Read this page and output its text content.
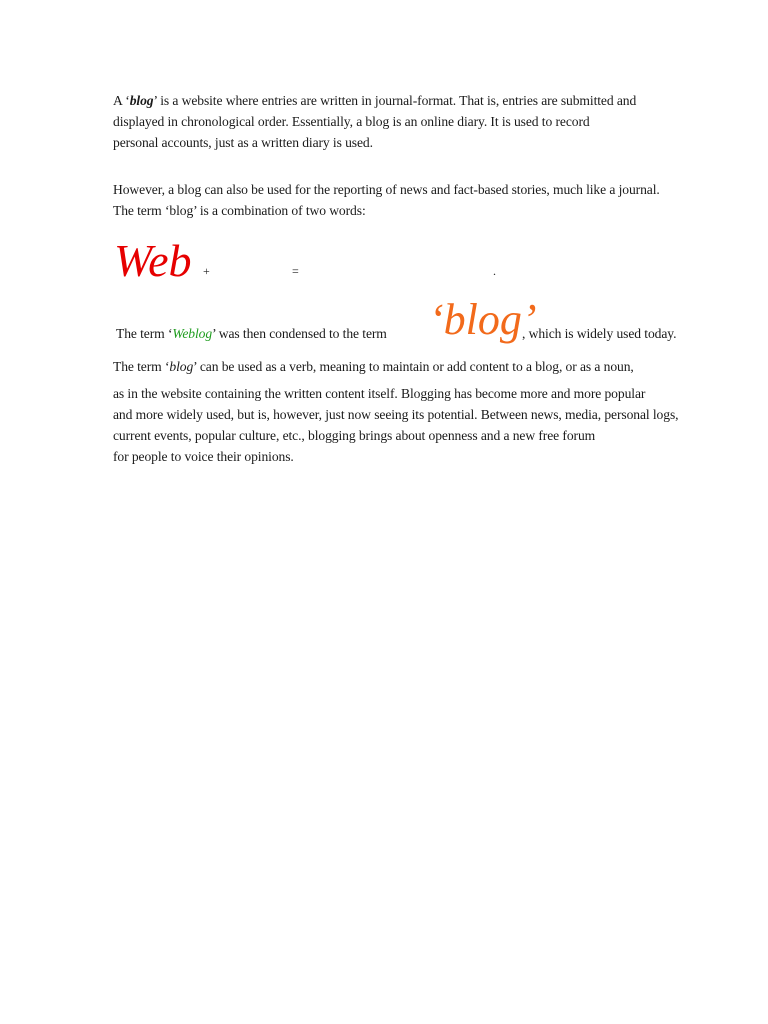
A ‘blog’ is a website where entries are written in journal-format. That is, entries are submitted and
displayed in chronological order. Essentially, a blog is an online diary. It is used to record
personal accounts, just as a written diary is used.
However, a blog can also be used for the reporting of news and fact-based stories, much like a journal.
The term ‘blog’ is a combination of two words:
Web +	=	.
The term ‘Weblog’ was then condensed to the term ‘blog’
, which is widely used today.
The term ‘blog’ can be used as a verb, meaning to maintain or add content to a blog, or as a noun,
as in the website containing the written content itself. Blogging has become more and more popular
and more widely used, but is, however, just now seeing its potential. Between news, media, personal logs,
current events, popular culture, etc., blogging brings about openness and a new free forum
for people to voice their opinions.
